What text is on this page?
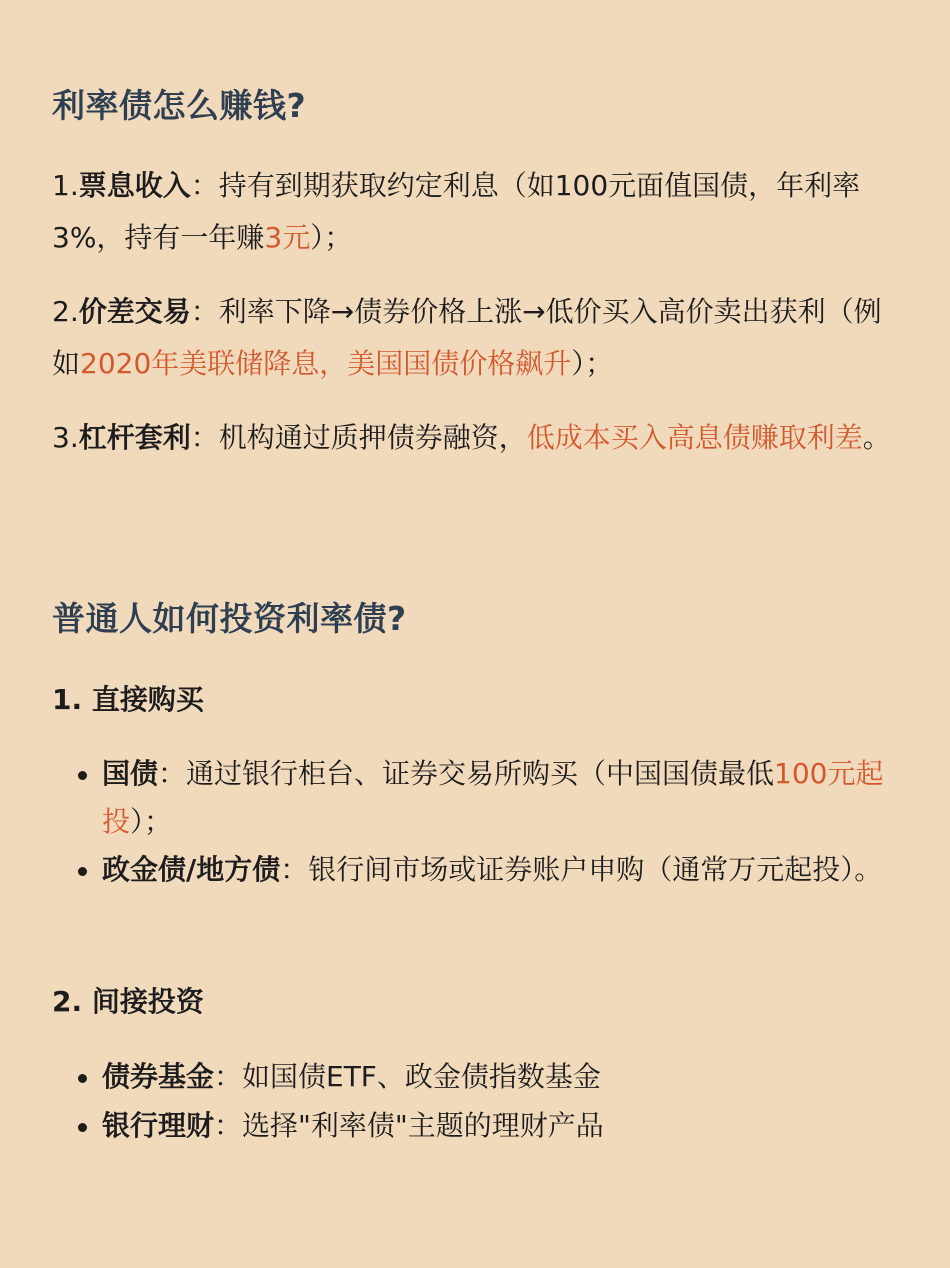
利率债怎么赚钱?
1.票息收入：持有到期获取约定利息（如100元面值国债，年利率3%，持有一年赚3元）；
2.价差交易：利率下降→债券价格上涨→低价买入高价卖出获利（例如2020年美联储降息，美国国债价格飙升）；
3.杠杆套利：机构通过质押债券融资，低成本买入高息债赚取利差。
普通人如何投资利率债?
1. 直接购买
国债：通过银行柜台、证券交易所购买（中国国债最低100元起投）；
政金债/地方债：银行间市场或证券账户申购（通常万元起投）。
2. 间接投资
债券基金：如国债ETF、政金债指数基金
银行理财：选择"利率债"主题的理财产品
